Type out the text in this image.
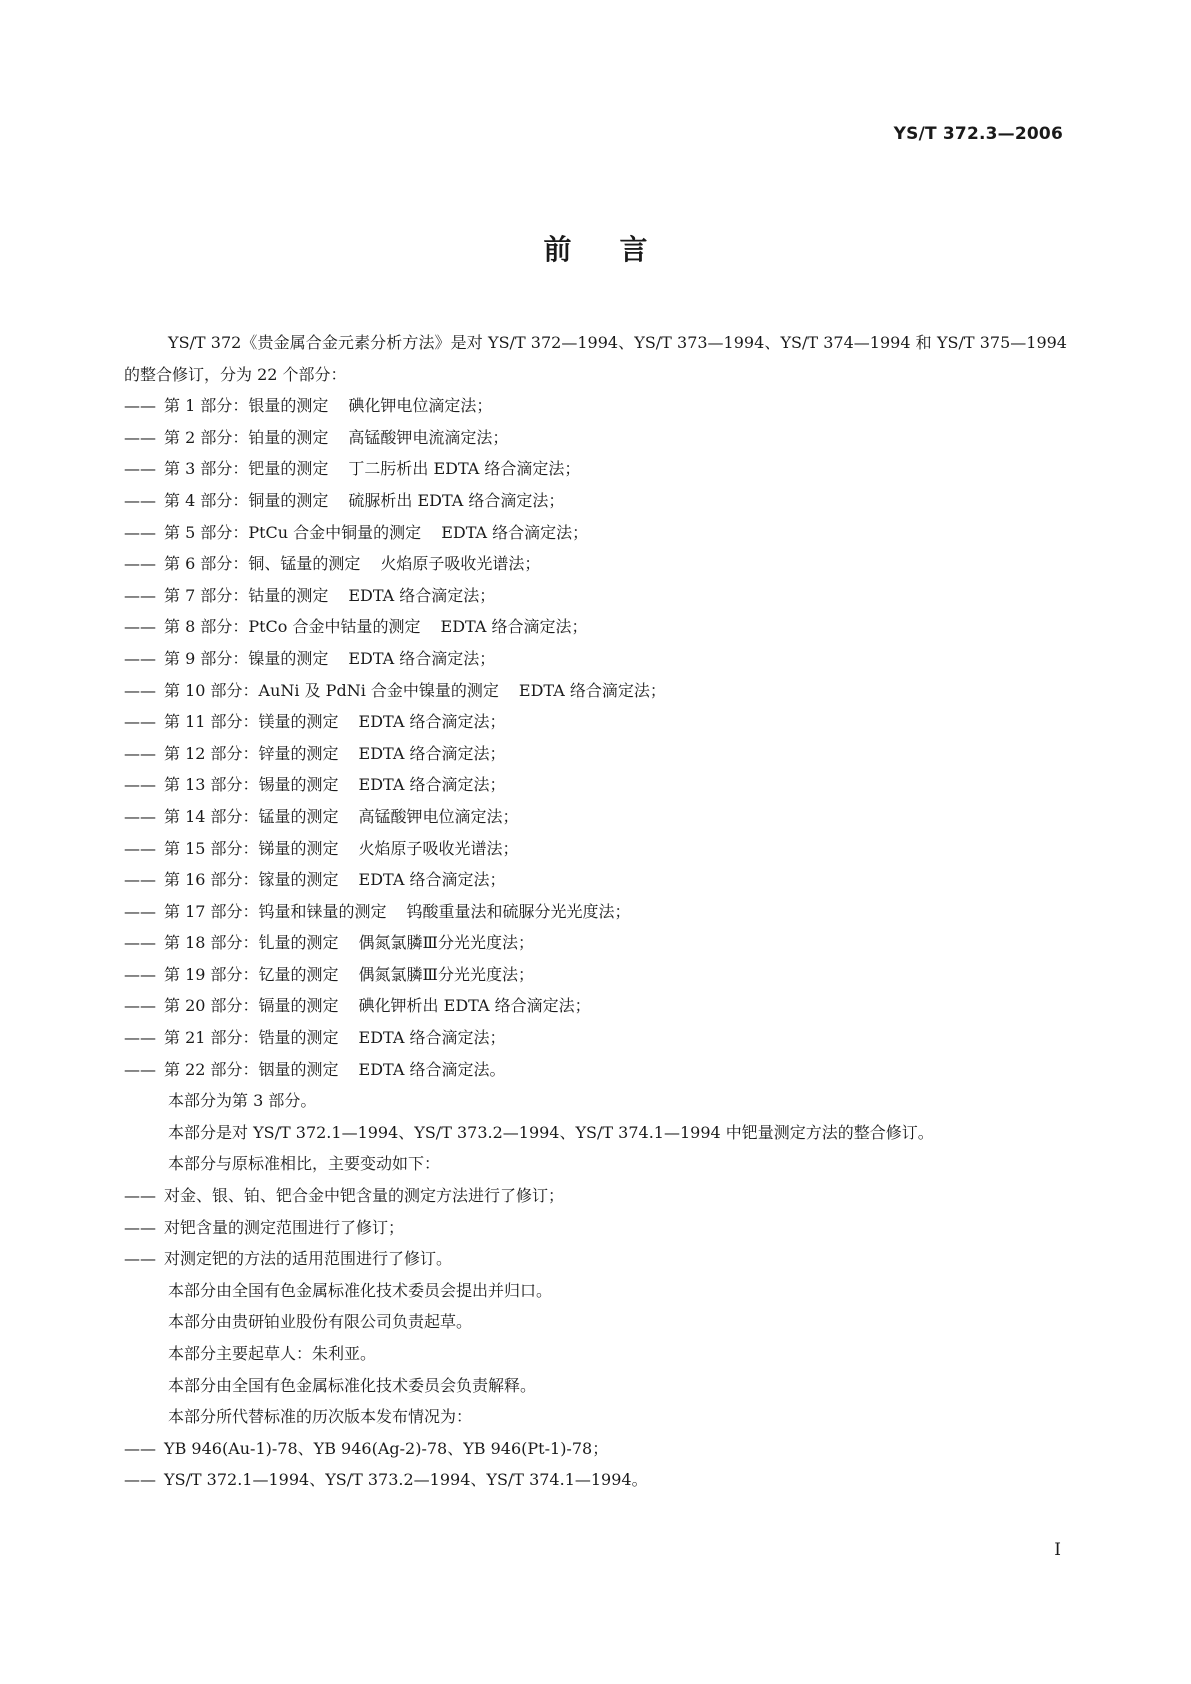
YS/T 372.3—2006
前言

YS/T 372《贵金属合金元素分析方法》是对 YS/T 372—1994、YS/T 373—1994、YS/T 374—1994 和 YS/T 375—1994 的整合修订，分为 22 个部分：

—— 第 1 部分：银量的测定 碘化钾电位滴定法；

—— 第 2 部分：铂量的测定 高锰酸钾电流滴定法；

—— 第 3 部分：钯量的测定 丁二肟析出 EDTA 络合滴定法；

—— 第 4 部分：铜量的测定 硫脲析出 EDTA 络合滴定法；

—— 第 5 部分：PtCu 合金中铜量的测定 EDTA 络合滴定法；

—— 第 6 部分：铜、锰量的测定 火焰原子吸收光谱法；

—— 第 7 部分：钴量的测定 EDTA 络合滴定法；

—— 第 8 部分：PtCo 合金中钴量的测定 EDTA 络合滴定法；

—— 第 9 部分：镍量的测定 EDTA 络合滴定法；

—— 第 10 部分：AuNi 及 PdNi 合金中镍量的测定 EDTA 络合滴定法；

—— 第 11 部分：镁量的测定 EDTA 络合滴定法；

—— 第 12 部分：锌量的测定 EDTA 络合滴定法；

—— 第 13 部分：锡量的测定 EDTA 络合滴定法；

—— 第 14 部分：锰量的测定 高锰酸钾电位滴定法；

—— 第 15 部分：锑量的测定 火焰原子吸收光谱法；

—— 第 16 部分：镓量的测定 EDTA 络合滴定法；

—— 第 17 部分：钨量和铼量的测定 钨酸重量法和硫脲分光光度法；

—— 第 18 部分：钆量的测定 偶氮氯膦Ⅲ分光光度法；

—— 第 19 部分：钇量的测定 偶氮氯膦Ⅲ分光光度法；

—— 第 20 部分：镉量的测定 碘化钾析出 EDTA 络合滴定法；

—— 第 21 部分：锆量的测定 EDTA 络合滴定法；

—— 第 22 部分：铟量的测定 EDTA 络合滴定法。

本部分为第 3 部分。

本部分是对 YS/T 372.1—1994、YS/T 373.2—1994、YS/T 374.1—1994 中钯量测定方法的整合修订。

本部分与原标准相比，主要变动如下：

—— 对金、银、铂、钯合金中钯含量的测定方法进行了修订；

—— 对钯含量的测定范围进行了修订；

—— 对测定钯的方法的适用范围进行了修订。

本部分由全国有色金属标准化技术委员会提出并归口。

本部分由贵研铂业股份有限公司负责起草。

本部分主要起草人：朱利亚。

本部分由全国有色金属标准化技术委员会负责解释。

本部分所代替标准的历次版本发布情况为：

—— YB 946(Au-1)-78、YB 946(Ag-2)-78、YB 946(Pt-1)-78；

—— YS/T 372.1—1994、YS/T 373.2—1994、YS/T 374.1—1994。

I
